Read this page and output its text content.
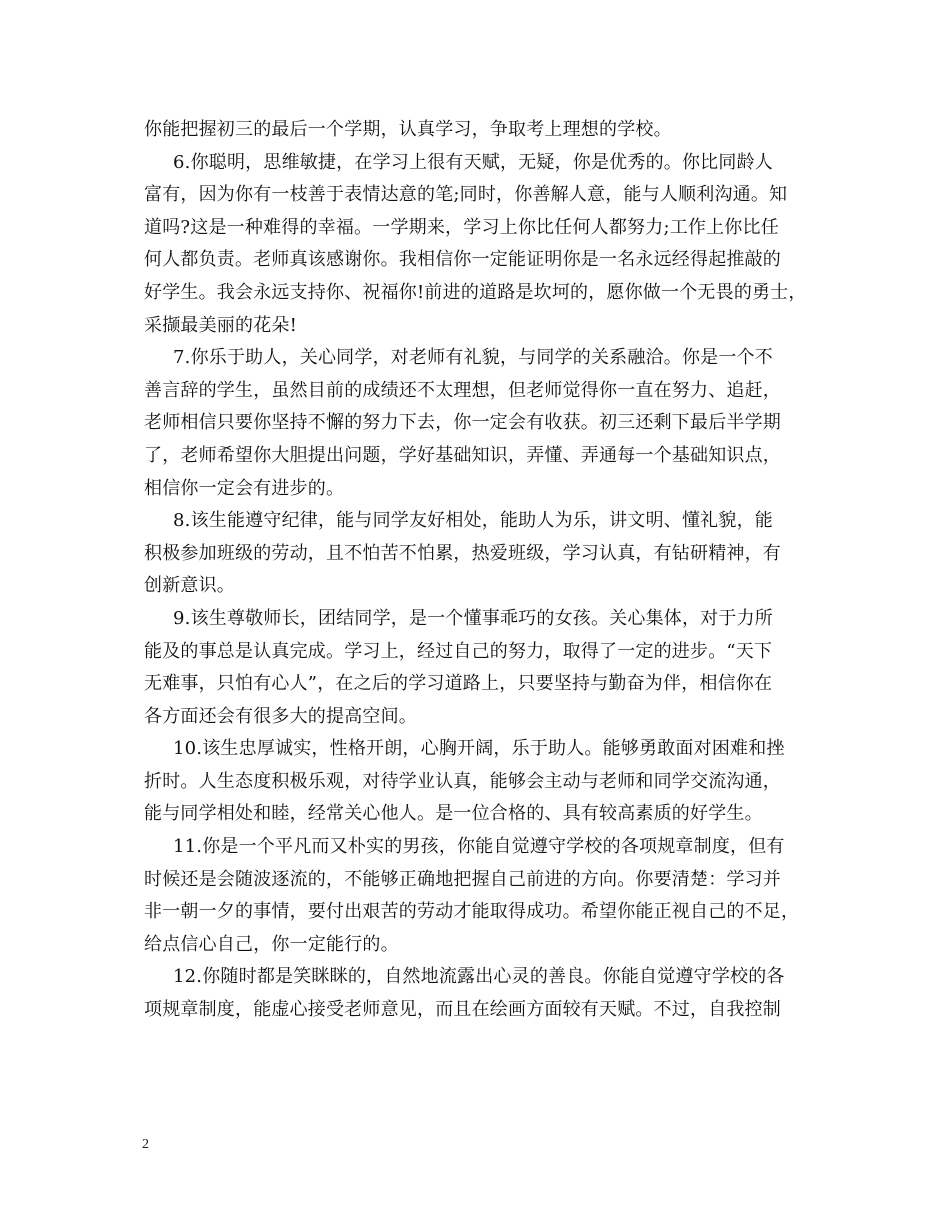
你能把握初三的最后一个学期，认真学习，争取考上理想的学校。
6.你聪明，思维敏捷，在学习上很有天赋，无疑，你是优秀的。你比同龄人
富有，因为你有一枝善于表情达意的笔;同时，你善解人意，能与人顺利沟通。知
道吗?这是一种难得的幸福。一学期来，学习上你比任何人都努力;工作上你比任
何人都负责。老师真该感谢你。我相信你一定能证明你是一名永远经得起推敲的
好学生。我会永远支持你、祝福你!前进的道路是坎坷的，愿你做一个无畏的勇士，
采撷最美丽的花朵!
7.你乐于助人，关心同学，对老师有礼貌，与同学的关系融洽。你是一个不
善言辞的学生，虽然目前的成绩还不太理想，但老师觉得你一直在努力、追赶，
老师相信只要你坚持不懈的努力下去，你一定会有收获。初三还剩下最后半学期
了，老师希望你大胆提出问题，学好基础知识，弄懂、弄通每一个基础知识点，
相信你一定会有进步的。
8.该生能遵守纪律，能与同学友好相处，能助人为乐，讲文明、懂礼貌，能
积极参加班级的劳动，且不怕苦不怕累，热爱班级，学习认真，有钻研精神，有
创新意识。
9.该生尊敬师长，团结同学，是一个懂事乖巧的女孩。关心集体，对于力所
能及的事总是认真完成。学习上，经过自己的努力，取得了一定的进步。“天下
无难事，只怕有心人”，在之后的学习道路上，只要坚持与勤奋为伴，相信你在
各方面还会有很多大的提高空间。
10.该生忠厚诚实，性格开朗，心胸开阔，乐于助人。能够勇敢面对困难和挫
折时。人生态度积极乐观，对待学业认真，能够会主动与老师和同学交流沟通，
能与同学相处和睦，经常关心他人。是一位合格的、具有较高素质的好学生。
11.你是一个平凡而又朴实的男孩，你能自觉遵守学校的各项规章制度，但有
时候还是会随波逐流的，不能够正确地把握自己前进的方向。你要清楚：学习并
非一朝一夕的事情，要付出艰苦的劳动才能取得成功。希望你能正视自己的不足，
给点信心自己，你一定能行的。
12.你随时都是笑眯眯的，自然地流露出心灵的善良。你能自觉遵守学校的各
项规章制度，能虚心接受老师意见，而且在绘画方面较有天赋。不过，自我控制
2
